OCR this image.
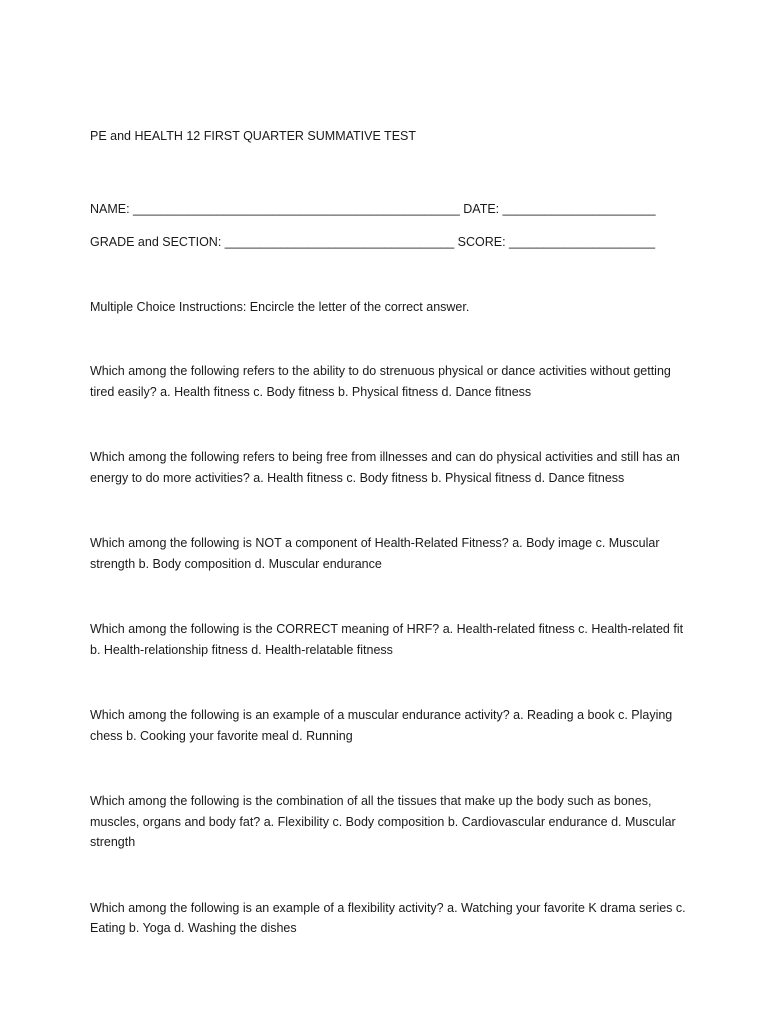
PE and HEALTH 12 FIRST QUARTER SUMMATIVE TEST

NAME: _______________________________________________ DATE: ______________________

GRADE and SECTION: _________________________________ SCORE: _____________________

Multiple Choice Instructions: Encircle the letter of the correct answer.

Which among the following refers to the ability to do strenuous physical or dance activities without getting tired easily? a. Health fitness c. Body fitness b. Physical fitness d. Dance fitness

Which among the following refers to being free from illnesses and can do physical activities and still has an energy to do more activities? a. Health fitness c. Body fitness b. Physical fitness d. Dance fitness

Which among the following is NOT a component of Health-Related Fitness? a. Body image c. Muscular strength b. Body composition d. Muscular endurance

Which among the following is the CORRECT meaning of HRF? a. Health-related fitness c. Health-related fit b. Health-relationship fitness d. Health-relatable fitness

Which among the following is an example of a muscular endurance activity? a. Reading a book c. Playing chess b. Cooking your favorite meal d. Running

Which among the following is the combination of all the tissues that make up the body such as bones, muscles, organs and body fat? a. Flexibility c. Body composition b. Cardiovascular endurance d. Muscular strength

Which among the following is an example of a flexibility activity? a. Watching your favorite K drama series c. Eating b. Yoga d. Washing the dishes
